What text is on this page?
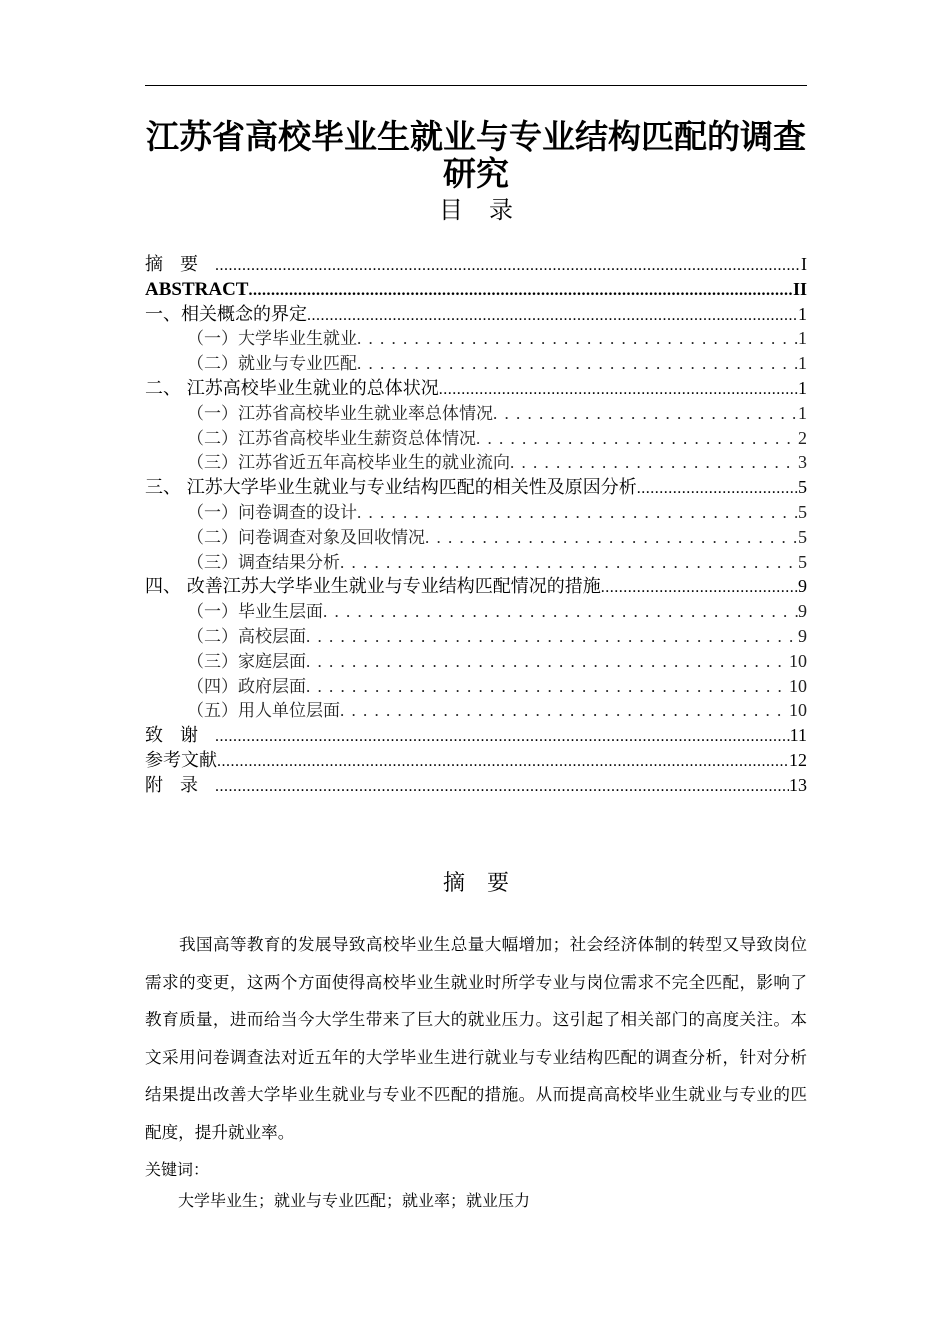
江苏省高校毕业生就业与专业结构匹配的调查研究
目录
摘要 .....	I
ABSTRACT .....	II
一、相关概念的界定 .....	1
（一）大学毕业生就业 . . .	1
（二）就业与专业匹配 . . .	1
二、 江苏高校毕业生就业的总体状况 .....	1
（一）江苏省高校毕业生就业率总体情况 . . .	1
（二）江苏省高校毕业生薪资总体情况 . . .	2
（三）江苏省近五年高校毕业生的就业流向 . . .	3
三、 江苏大学毕业生就业与专业结构匹配的相关性及原因分析 .....	5
（一）问卷调查的设计 . . .	5
（二）问卷调查对象及回收情况 . . .	5
（三）调查结果分析 . . .	5
四、 改善江苏大学毕业生就业与专业结构匹配情况的措施 .....	9
（一）毕业生层面 . . .	9
（二）高校层面 . . .	9
（三）家庭层面 . . .	10
（四）政府层面 . . .	10
（五）用人单位层面 . . .	10
致谢 .....	11
参考文献 .....	12
附录 .....	13
摘要

我国高等教育的发展导致高校毕业生总量大幅增加；社会经济体制的转型又导致岗位需求的变更，这两个方面使得高校毕业生就业时所学专业与岗位需求不完全匹配，影响了教育质量，进而给当今大学生带来了巨大的就业压力。这引起了相关部门的高度关注。本文采用问卷调查法对近五年的大学毕业生进行就业与专业结构匹配的调查分析，针对分析结果提出改善大学毕业生就业与专业不匹配的措施。从而提高高校毕业生就业与专业的匹配度，提升就业率。

关键词：
大学毕业生；就业与专业匹配；就业率；就业压力
